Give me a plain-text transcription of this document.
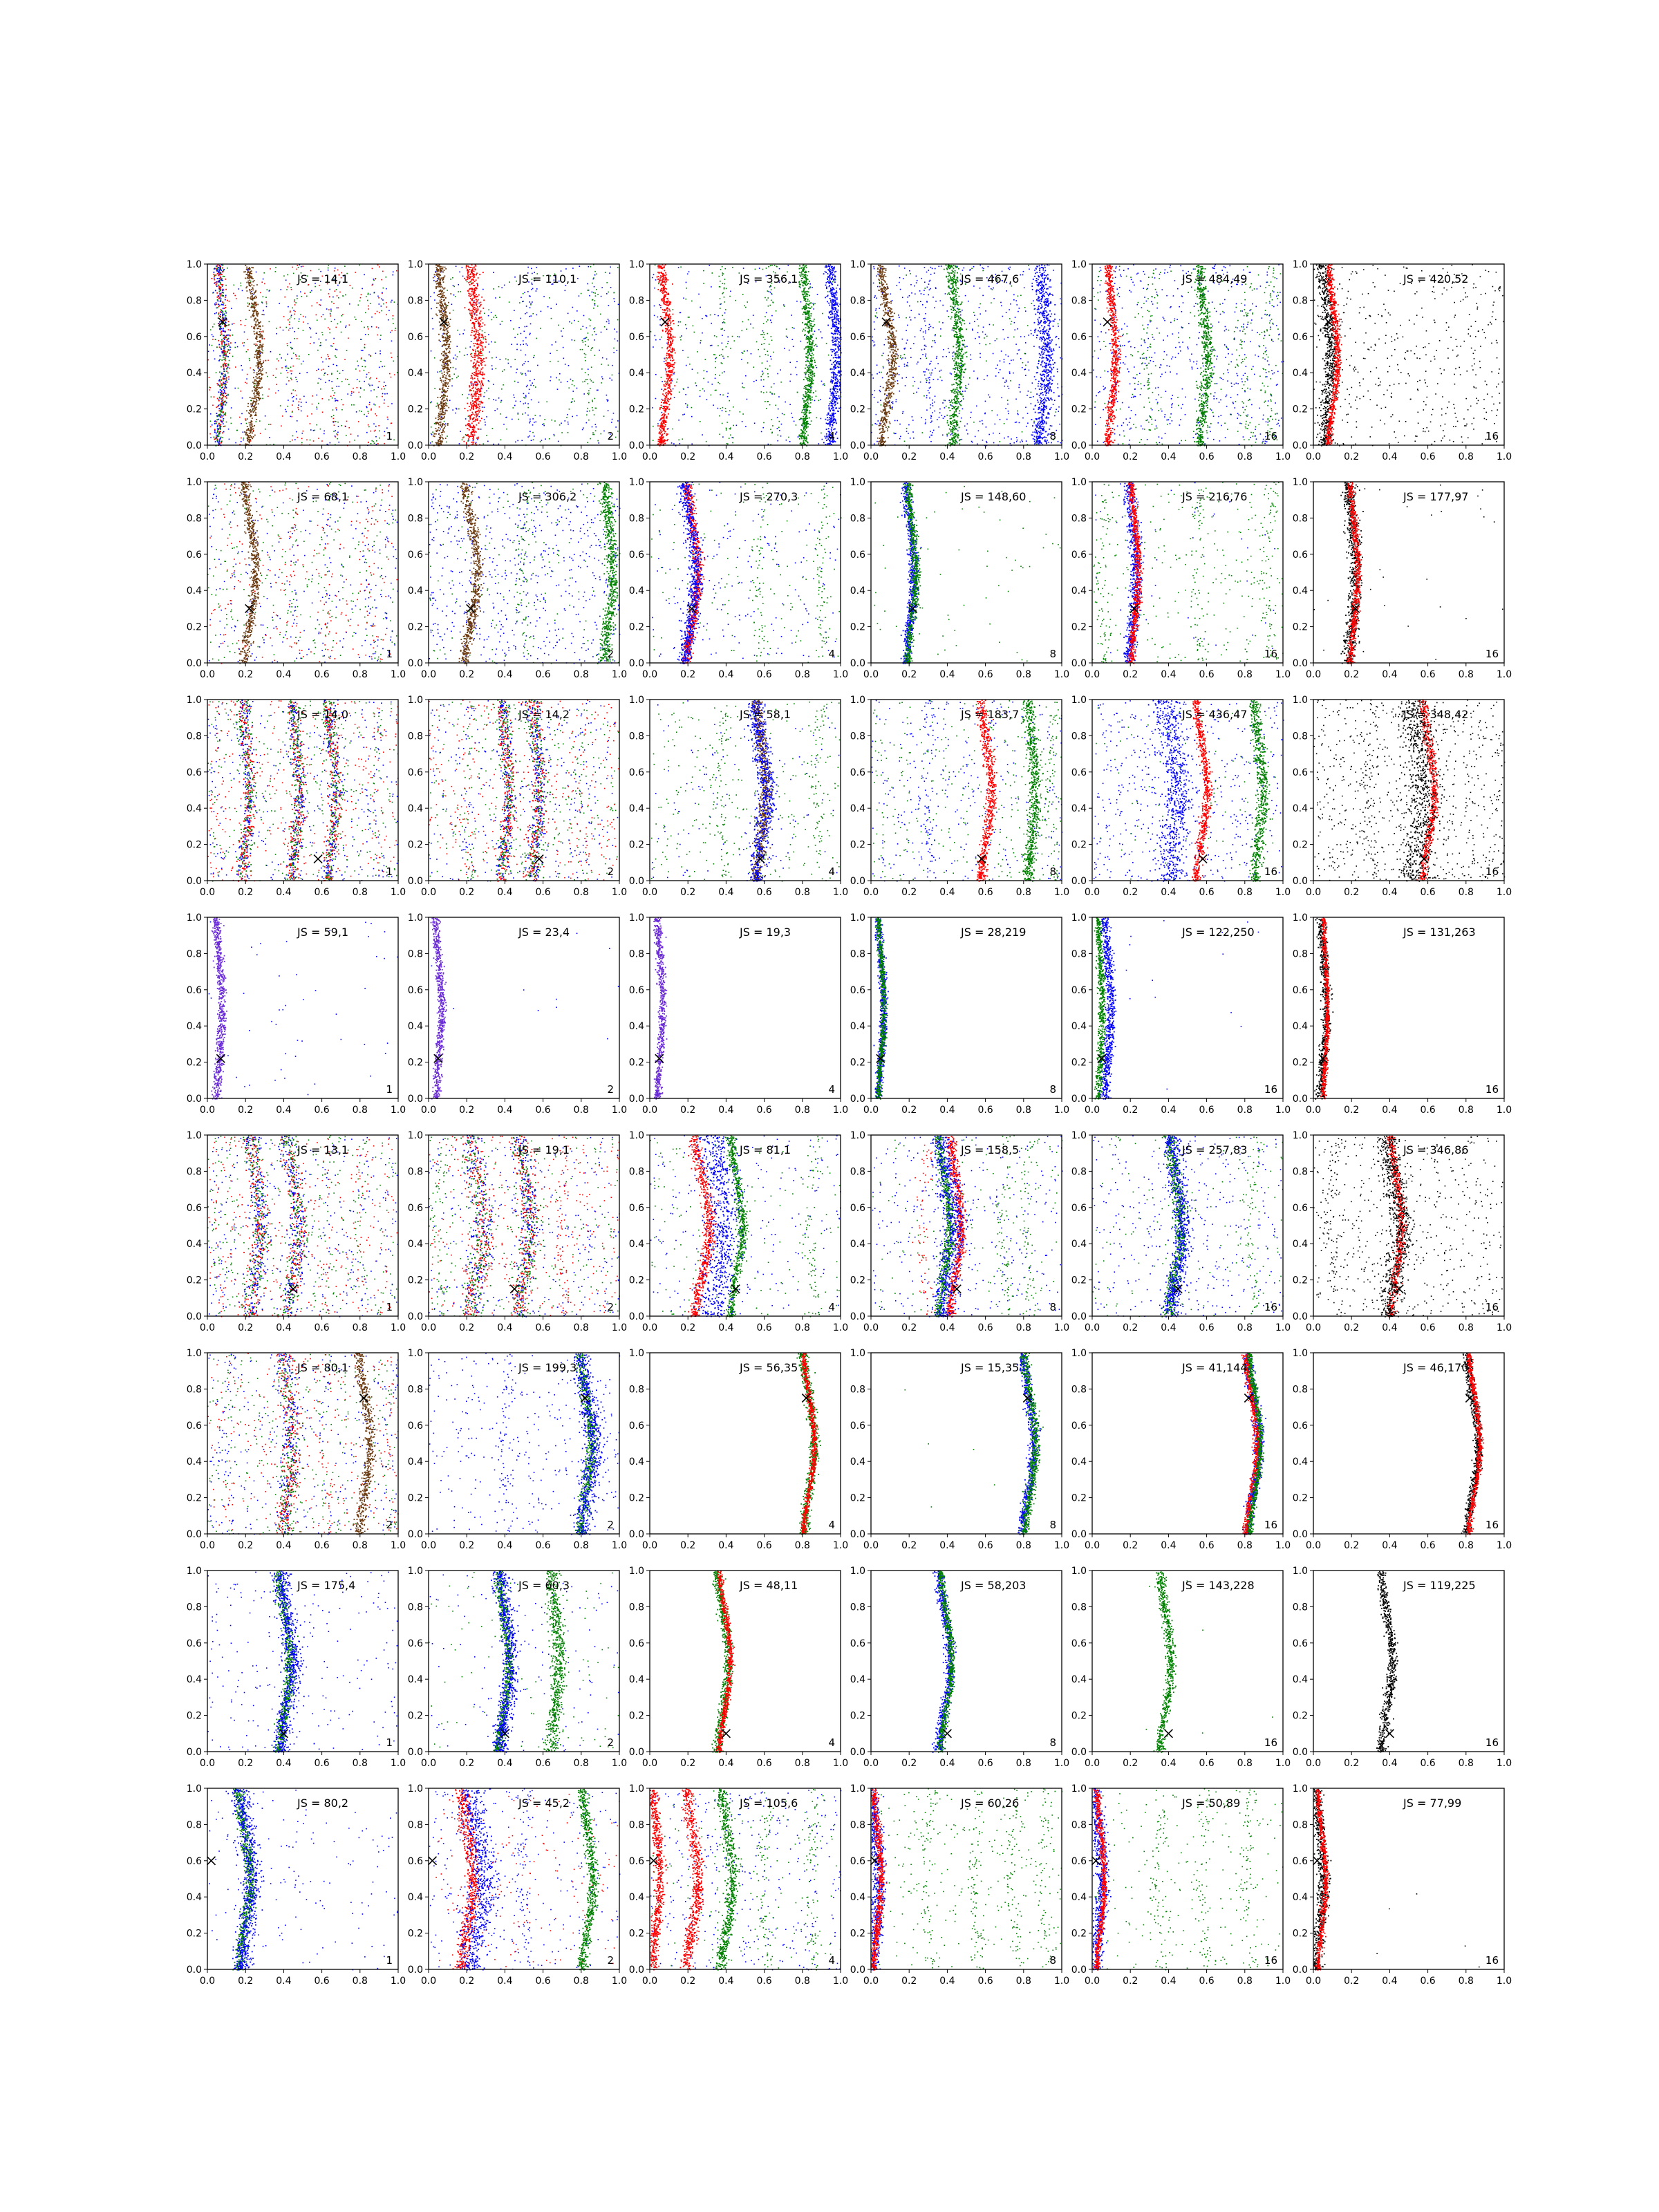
0.0 0.2 0.4 0.6 0.8 1.0
0.0
0.2
0.4
0.6
0.8
1.0
JS = 14,1
1
0.0 0.2 0.4 0.6 0.8 1.0
0.0
0.2
0.4
0.6
0.8
1.0
JS = 110,1
2
0.0 0.2 0.4 0.6 0.8 1.0
0.0
0.2
0.4
0.6
0.8
1.0
JS = 356,1
4
0.0 0.2 0.4 0.6 0.8 1.0
0.0
0.2
0.4
0.6
0.8
1.0
JS = 467,6
8
0.0 0.2 0.4 0.6 0.8 1.0
0.0
0.2
0.4
0.6
0.8
1.0
JS = 484,49
16
0.0 0.2 0.4 0.6 0.8 1.0
0.0
0.2
0.4
0.6
0.8
1.0
JS = 420,52
16
0.0 0.2 0.4 0.6 0.8 1.0
0.0
0.2
0.4
0.6
0.8
1.0
JS = 68,1
1
0.0 0.2 0.4 0.6 0.8 1.0
0.0
0.2
0.4
0.6
0.8
1.0
JS = 306,2
2
0.0 0.2 0.4 0.6 0.8 1.0
0.0
0.2
0.4
0.6
0.8
1.0
JS = 270,3
4
0.0 0.2 0.4 0.6 0.8 1.0
0.0
0.2
0.4
0.6
0.8
1.0
JS = 148,60
8
0.0 0.2 0.4 0.6 0.8 1.0
0.0
0.2
0.4
0.6
0.8
1.0
JS = 216,76
16
0.0 0.2 0.4 0.6 0.8 1.0
0.0
0.2
0.4
0.6
0.8
1.0
JS = 177,97
16
0.0 0.2 0.4 0.6 0.8 1.0
0.0
0.2
0.4
0.6
0.8
1.0
JS = 14,0
1
0.0 0.2 0.4 0.6 0.8 1.0
0.0
0.2
0.4
0.6
0.8
1.0
JS = 14,2
2
0.0 0.2 0.4 0.6 0.8 1.0
0.0
0.2
0.4
0.6
0.8
1.0
JS = 58,1
4
0.0 0.2 0.4 0.6 0.8 1.0
0.0
0.2
0.4
0.6
0.8
1.0
JS = 183,7
8
0.0 0.2 0.4 0.6 0.8 1.0
0.0
0.2
0.4
0.6
0.8
1.0
JS = 436,47
16
0.0 0.2 0.4 0.6 0.8 1.0
0.0
0.2
0.4
0.6
0.8
1.0
JS = 348,42
16
0.0 0.2 0.4 0.6 0.8 1.0
0.0
0.2
0.4
0.6
0.8
1.0
JS = 59,1
1
0.0 0.2 0.4 0.6 0.8 1.0
0.0
0.2
0.4
0.6
0.8
1.0
JS = 23,4
2
0.0 0.2 0.4 0.6 0.8 1.0
0.0
0.2
0.4
0.6
0.8
1.0
JS = 19,3
4
0.0 0.2 0.4 0.6 0.8 1.0
0.0
0.2
0.4
0.6
0.8
1.0
JS = 28,219
8
0.0 0.2 0.4 0.6 0.8 1.0
0.0
0.2
0.4
0.6
0.8
1.0
JS = 122,250
16
0.0 0.2 0.4 0.6 0.8 1.0
0.0
0.2
0.4
0.6
0.8
1.0
JS = 131,263
16
0.0 0.2 0.4 0.6 0.8 1.0
0.0
0.2
0.4
0.6
0.8
1.0
JS = 13,1
1
0.0 0.2 0.4 0.6 0.8 1.0
0.0
0.2
0.4
0.6
0.8
1.0
JS = 19,1
2
0.0 0.2 0.4 0.6 0.8 1.0
0.0
0.2
0.4
0.6
0.8
1.0
JS = 81,1
4
0.0 0.2 0.4 0.6 0.8 1.0
0.0
0.2
0.4
0.6
0.8
1.0
JS = 158,5
8
0.0 0.2 0.4 0.6 0.8 1.0
0.0
0.2
0.4
0.6
0.8
1.0
JS = 257,83
16
0.0 0.2 0.4 0.6 0.8 1.0
0.0
0.2
0.4
0.6
0.8
1.0
JS = 346,86
16
0.0 0.2 0.4 0.6 0.8 1.0
0.0
0.2
0.4
0.6
0.8
1.0
JS = 80,1
2
0.0 0.2 0.4 0.6 0.8 1.0
0.0
0.2
0.4
0.6
0.8
1.0
JS = 199,3
2
0.0 0.2 0.4 0.6 0.8 1.0
0.0
0.2
0.4
0.6
0.8
1.0
JS = 56,35
4
0.0 0.2 0.4 0.6 0.8 1.0
0.0
0.2
0.4
0.6
0.8
1.0
JS = 15,35
8
0.0 0.2 0.4 0.6 0.8 1.0
0.0
0.2
0.4
0.6
0.8
1.0
JS = 41,144
16
0.0 0.2 0.4 0.6 0.8 1.0
0.0
0.2
0.4
0.6
0.8
1.0
JS = 46,170
16
0.0 0.2 0.4 0.6 0.8 1.0
0.0
0.2
0.4
0.6
0.8
1.0
JS = 175,4
1
0.0 0.2 0.4 0.6 0.8 1.0
0.0
0.2
0.4
0.6
0.8
1.0
JS = 60,3
2
0.0 0.2 0.4 0.6 0.8 1.0
0.0
0.2
0.4
0.6
0.8
1.0
JS = 48,11
4
0.0 0.2 0.4 0.6 0.8 1.0
0.0
0.2
0.4
0.6
0.8
1.0
JS = 58,203
8
0.0 0.2 0.4 0.6 0.8 1.0
0.0
0.2
0.4
0.6
0.8
1.0
JS = 143,228
16
0.0 0.2 0.4 0.6 0.8 1.0
0.0
0.2
0.4
0.6
0.8
1.0
JS = 119,225
16
0.0 0.2 0.4 0.6 0.8 1.0
0.0
0.2
0.4
0.6
0.8
1.0
JS = 80,2
1
0.0 0.2 0.4 0.6 0.8 1.0
0.0
0.2
0.4
0.6
0.8
1.0
JS = 45,2
2
0.0 0.2 0.4 0.6 0.8 1.0
0.0
0.2
0.4
0.6
0.8
1.0
JS = 105,6
4
0.0 0.2 0.4 0.6 0.8 1.0
0.0
0.2
0.4
0.6
0.8
1.0
JS = 60,26
8
0.0 0.2 0.4 0.6 0.8 1.0
0.0
0.2
0.4
0.6
0.8
1.0
JS = 50,89
16
0.0 0.2 0.4 0.6 0.8 1.0
0.0
0.2
0.4
0.6
0.8
1.0
JS = 77,99
16
